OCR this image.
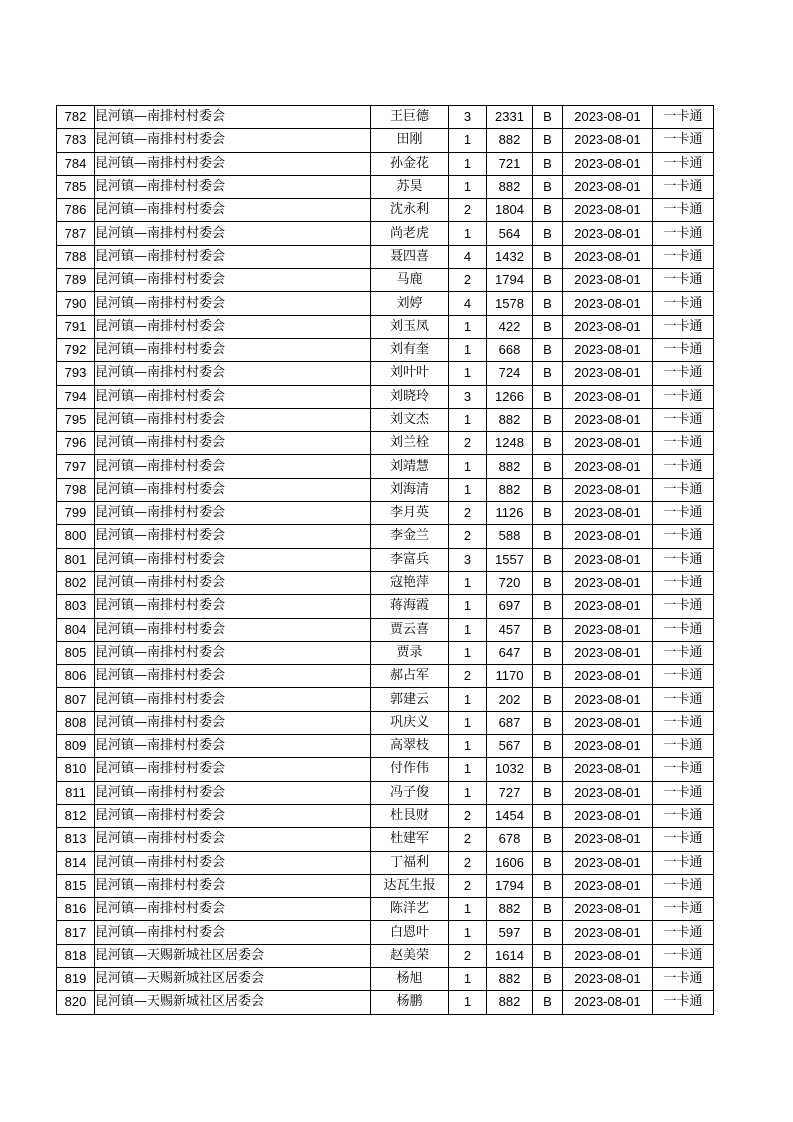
782	昆河镇—南排村村委会	王巨德	3	2331	B	2023-08-01	一卡通
783	昆河镇—南排村村委会	田刚	1	882	B	2023-08-01	一卡通
784	昆河镇—南排村村委会	孙金花	1	721	B	2023-08-01	一卡通
785	昆河镇—南排村村委会	苏昊	1	882	B	2023-08-01	一卡通
786	昆河镇—南排村村委会	沈永利	2	1804	B	2023-08-01	一卡通
787	昆河镇—南排村村委会	尚老虎	1	564	B	2023-08-01	一卡通
788	昆河镇—南排村村委会	聂四喜	4	1432	B	2023-08-01	一卡通
789	昆河镇—南排村村委会	马鹿	2	1794	B	2023-08-01	一卡通
790	昆河镇—南排村村委会	刘婷	4	1578	B	2023-08-01	一卡通
791	昆河镇—南排村村委会	刘玉凤	1	422	B	2023-08-01	一卡通
792	昆河镇—南排村村委会	刘有奎	1	668	B	2023-08-01	一卡通
793	昆河镇—南排村村委会	刘叶叶	1	724	B	2023-08-01	一卡通
794	昆河镇—南排村村委会	刘晓玲	3	1266	B	2023-08-01	一卡通
795	昆河镇—南排村村委会	刘文杰	1	882	B	2023-08-01	一卡通
796	昆河镇—南排村村委会	刘兰栓	2	1248	B	2023-08-01	一卡通
797	昆河镇—南排村村委会	刘靖慧	1	882	B	2023-08-01	一卡通
798	昆河镇—南排村村委会	刘海清	1	882	B	2023-08-01	一卡通
799	昆河镇—南排村村委会	李月英	2	1126	B	2023-08-01	一卡通
800	昆河镇—南排村村委会	李金兰	2	588	B	2023-08-01	一卡通
801	昆河镇—南排村村委会	李富兵	3	1557	B	2023-08-01	一卡通
802	昆河镇—南排村村委会	寇艳萍	1	720	B	2023-08-01	一卡通
803	昆河镇—南排村村委会	蒋海霞	1	697	B	2023-08-01	一卡通
804	昆河镇—南排村村委会	贾云喜	1	457	B	2023-08-01	一卡通
805	昆河镇—南排村村委会	贾录	1	647	B	2023-08-01	一卡通
806	昆河镇—南排村村委会	郝占军	2	1170	B	2023-08-01	一卡通
807	昆河镇—南排村村委会	郭建云	1	202	B	2023-08-01	一卡通
808	昆河镇—南排村村委会	巩庆义	1	687	B	2023-08-01	一卡通
809	昆河镇—南排村村委会	高翠枝	1	567	B	2023-08-01	一卡通
810	昆河镇—南排村村委会	付作伟	1	1032	B	2023-08-01	一卡通
811	昆河镇—南排村村委会	冯子俊	1	727	B	2023-08-01	一卡通
812	昆河镇—南排村村委会	杜艮财	2	1454	B	2023-08-01	一卡通
813	昆河镇—南排村村委会	杜建军	2	678	B	2023-08-01	一卡通
814	昆河镇—南排村村委会	丁福利	2	1606	B	2023-08-01	一卡通
815	昆河镇—南排村村委会	达瓦生报	2	1794	B	2023-08-01	一卡通
816	昆河镇—南排村村委会	陈洋艺	1	882	B	2023-08-01	一卡通
817	昆河镇—南排村村委会	白恩叶	1	597	B	2023-08-01	一卡通
818	昆河镇—天赐新城社区居委会	赵美荣	2	1614	B	2023-08-01	一卡通
819	昆河镇—天赐新城社区居委会	杨旭	1	882	B	2023-08-01	一卡通
820	昆河镇—天赐新城社区居委会	杨鹏	1	882	B	2023-08-01	一卡通
